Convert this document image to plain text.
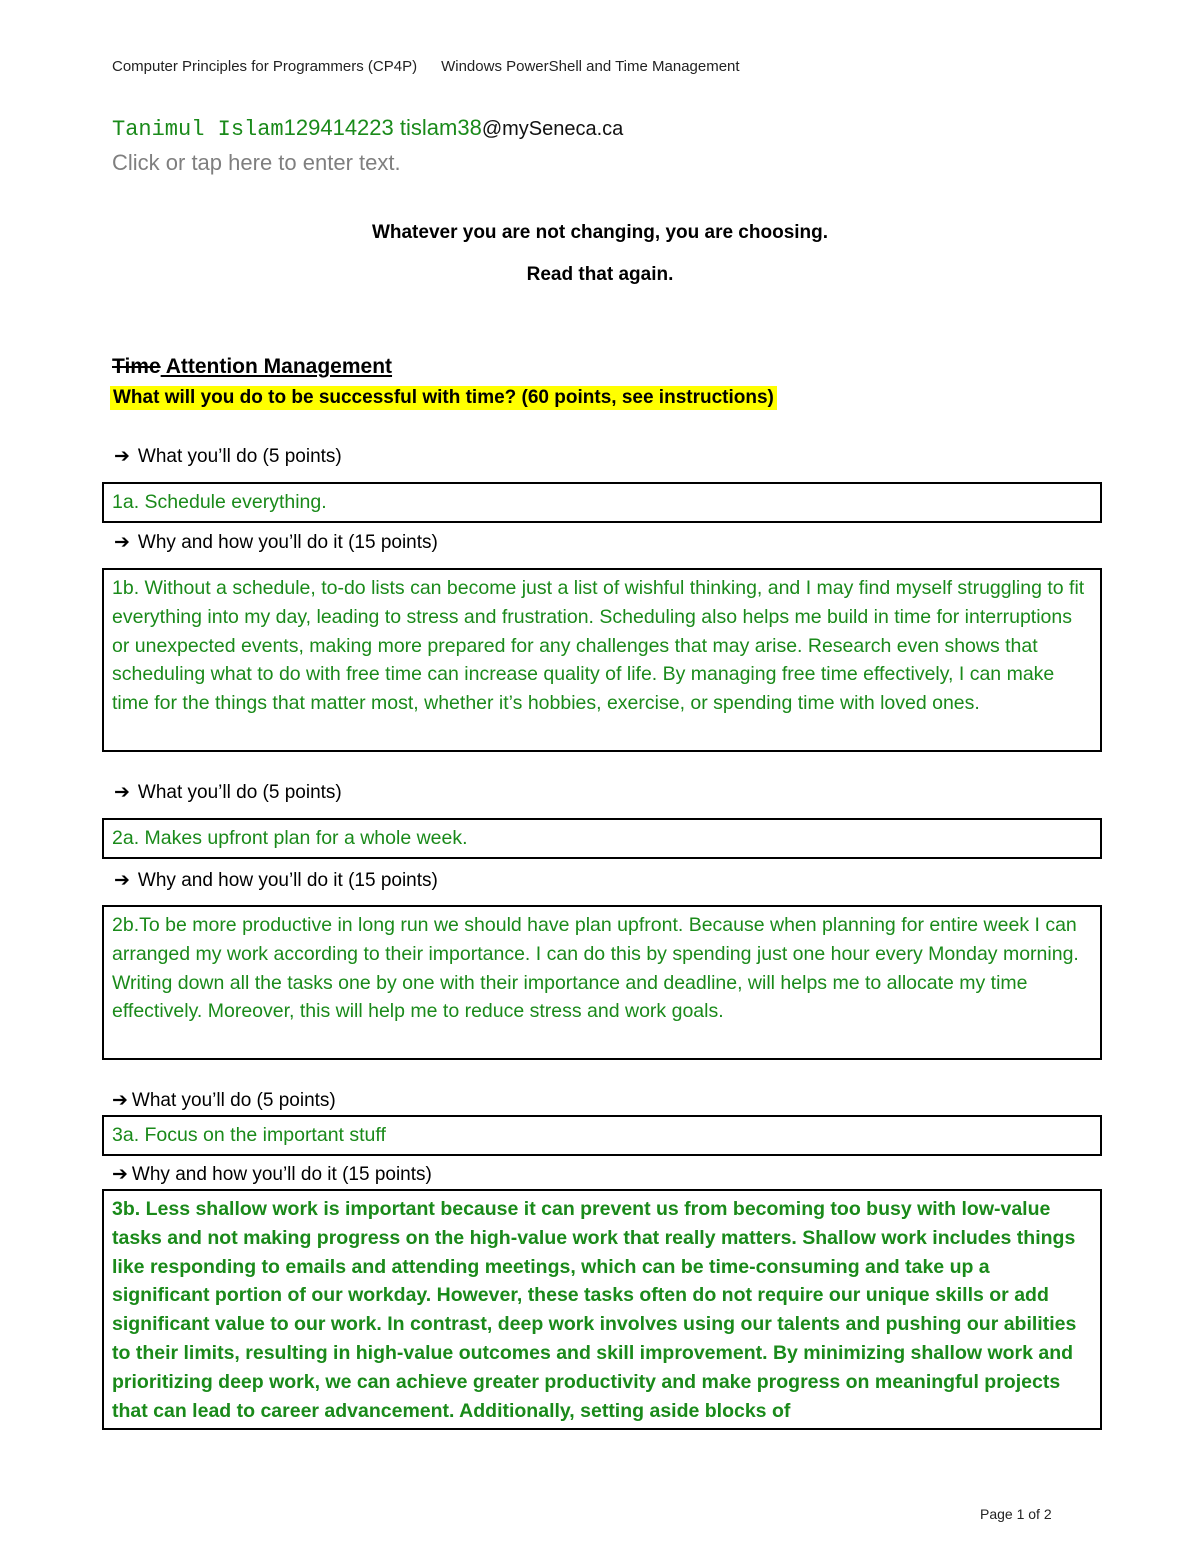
Computer Principles for Programmers (CP4P) Windows PowerShell and Time Management
Tanimul Islam129414223 tislam38@mySeneca.ca
Click or tap here to enter text.
Whatever you are not changing, you are choosing.
Read that again.
Time Attention Management
What will you do to be successful with time? (60 points, see instructions)
➔ What you’ll do (5 points)
1a. Schedule everything.
➔ Why and how you’ll do it (15 points)
1b. Without a schedule, to-do lists can become just a list of wishful thinking, and I may find myself struggling to fit everything into my day, leading to stress and frustration. Scheduling also helps me build in time for interruptions or unexpected events, making more prepared for any challenges that may arise. Research even shows that scheduling what to do with free time can increase quality of life. By managing free time effectively, I can make time for the things that matter most, whether it’s hobbies, exercise, or spending time with loved ones.
➔ What you’ll do (5 points)
2a. Makes upfront plan for a whole week.
➔ Why and how you’ll do it (15 points)
2b.To be more productive in long run we should have plan upfront. Because when planning for entire week I can arranged my work according to their importance. I can do this by spending just one hour every Monday morning. Writing down all the tasks one by one with their importance and deadline, will helps me to allocate my time effectively. Moreover, this will help me to reduce stress and work goals.
➔ What you’ll do (5 points)
3a. Focus on the important stuff
➔ Why and how you’ll do it (15 points)
3b. Less shallow work is important because it can prevent us from becoming too busy with low-value tasks and not making progress on the high-value work that really matters. Shallow work includes things like responding to emails and attending meetings, which can be time-consuming and take up a significant portion of our workday. However, these tasks often do not require our unique skills or add significant value to our work. In contrast, deep work involves using our talents and pushing our abilities to their limits, resulting in high-value outcomes and skill improvement. By minimizing shallow work and prioritizing deep work, we can achieve greater productivity and make progress on meaningful projects that can lead to career advancement. Additionally, setting aside blocks of
Page 1 of 2
